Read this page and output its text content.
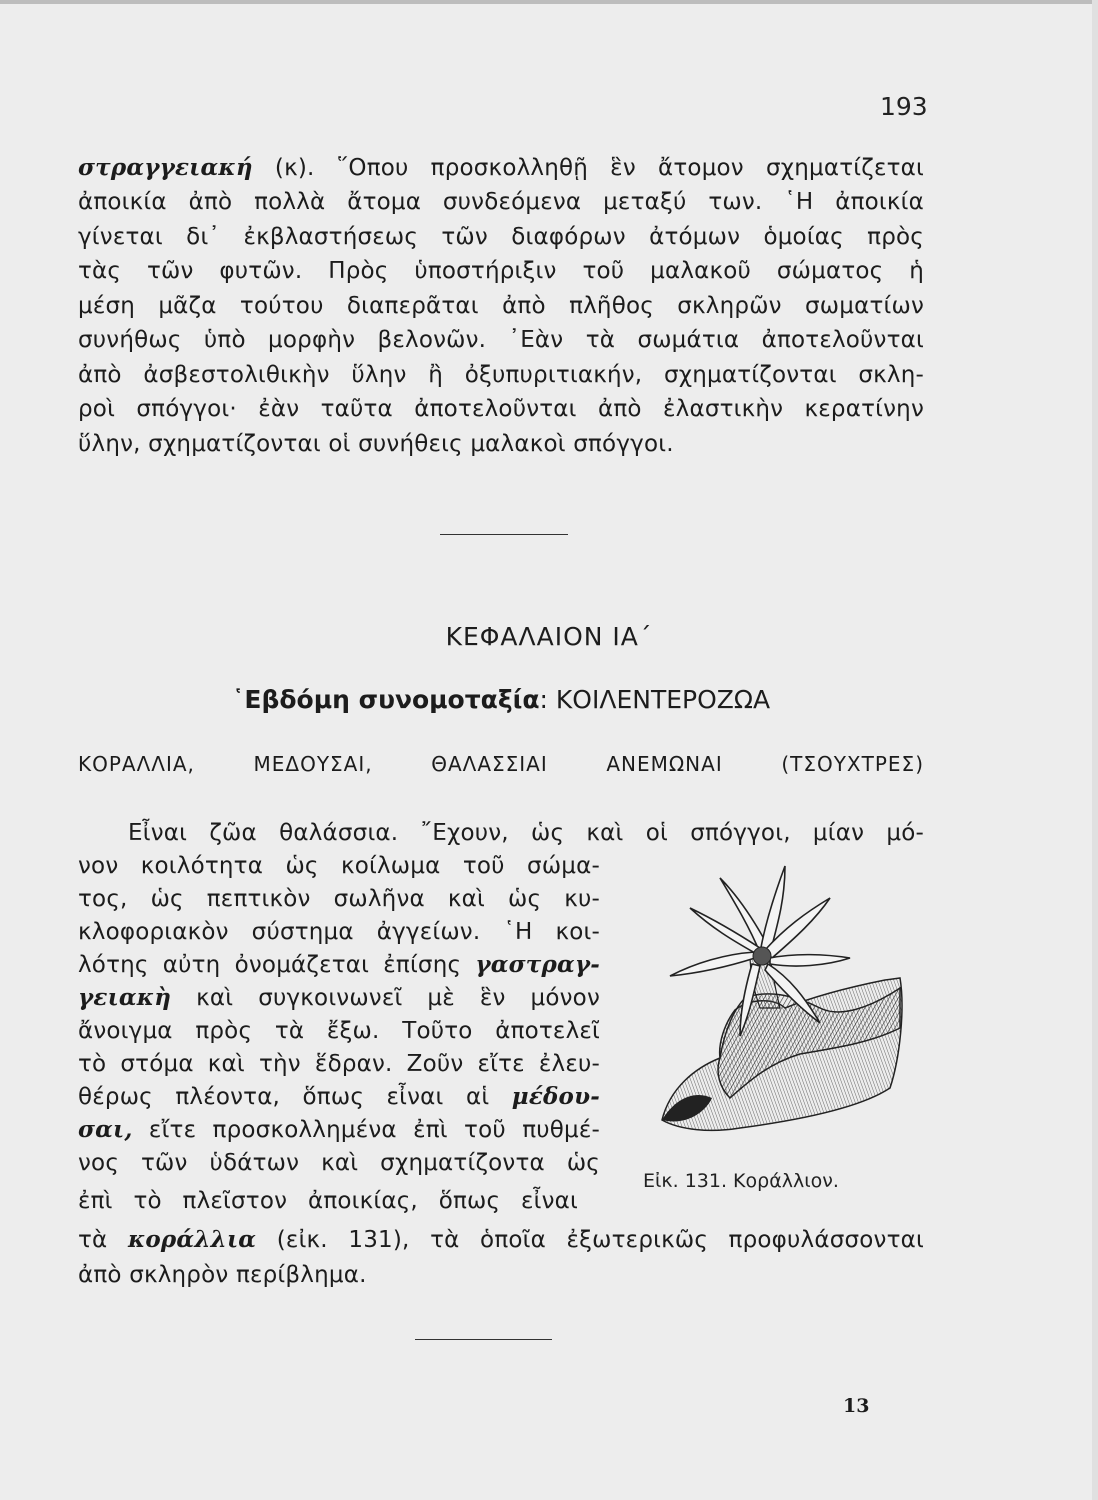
193
στραγγειακή (κ). ῞Οπου προσκολληθῇ ἓν ἄτομον σχηματίζεται
ἀποικία ἀπὸ πολλὰ ἄτομα συνδεόμενα μεταξύ των. ῾Η ἀποικία
γίνεται δι᾽ ἐκβλαστήσεως τῶν διαφόρων ἀτόμων ὁμοίας πρὸς
τὰς τῶν φυτῶν. Πρὸς ὑποστήριξιν τοῦ μαλακοῦ σώματος ἡ
μέση μᾶζα τούτου διαπερᾶται ἀπὸ πλῆθος σκληρῶν σωματίων
συνήθως ὑπὸ μορφὴν βελονῶν. ᾿Εὰν τὰ σωμάτια ἀποτελοῦνται
ἀπὸ ἀσβεστολιθικὴν ὕλην ἢ ὀξυπυριτιακήν, σχηματίζονται σκλη-
ροὶ σπόγγοι· ἐὰν ταῦτα ἀποτελοῦνται ἀπὸ ἐλαστικὴν κερατίνην
ὕλην, σχηματίζονται οἱ συνήθεις μαλακοὶ σπόγγοι.
ΚΕΦΑΛΑΙΟΝ ΙΑ΄
῾Εβδόμη συνομοταξία: ΚΟΙΛΕΝΤΕΡΟΖΩΑ
ΚΟΡΑΛΛΙΑ, ΜΕΔΟΥΣΑΙ, ΘΑΛΑΣΣΙΑΙ ΑΝΕΜΩΝΑΙ (ΤΣΟΥΧΤΡΕΣ)
Εἶναι ζῶα θαλάσσια. ῎Εχουν, ὡς καὶ οἱ σπόγγοι, μίαν μό-
νον κοιλότητα ὡς κοίλωμα τοῦ σώμα-
τος, ὡς πεπτικὸν σωλῆνα καὶ ὡς κυ-
κλοφοριακὸν σύστημα ἀγγείων. ῾Η κοι-
λότης αὐτη ὀνομάζεται ἐπίσης γαστραγ-
γειακὴ καὶ συγκοινωνεῖ μὲ ἓν μόνον
ἄνοιγμα πρὸς τὰ ἔξω. Τοῦτο ἀποτελεῖ
τὸ στόμα καὶ τὴν ἕδραν. Ζοῦν εἴτε ἐλευ-
θέρως πλέοντα, ὅπως εἶναι αἱ μέδου-
σαι, εἴτε προσκολλημένα ἐπὶ τοῦ πυθμέ-
νος τῶν ὑδάτων καὶ σχηματίζοντα ὡς
ἐπὶ τὸ πλεῖστον ἀποικίας, ὅπως εἶναι
τὰ κοράλλια (εἰκ. 131), τὰ ὁποῖα ἐξωτερικῶς προφυλάσσονται
ἀπὸ σκληρὸν περίβλημα.
Εἰκ. 131. Κοράλλιον.
13
